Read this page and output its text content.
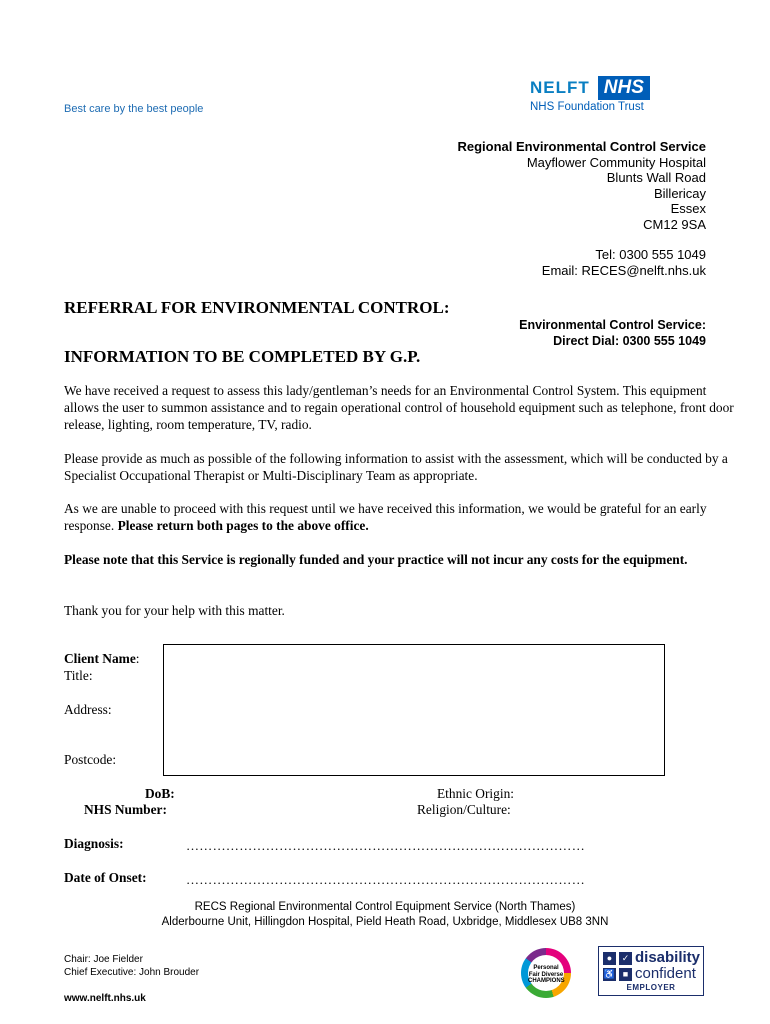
NELFT NHS
NHS Foundation Trust
Best care by the best people
Regional Environmental Control Service
Mayflower Community Hospital
Blunts Wall Road
Billericay
Essex
CM12 9SA
Tel: 0300 555 1049
Email: RECES@nelft.nhs.uk
REFERRAL FOR ENVIRONMENTAL CONTROL:
Environmental Control Service:
Direct Dial: 0300 555 1049
INFORMATION TO BE COMPLETED BY G.P.
We have received a request to assess this lady/gentleman’s needs for an Environmental Control System. This equipment allows the user to summon assistance and to regain operational control of household equipment such as telephone, front door release, lighting, room temperature, TV, radio.
Please provide as much as possible of the following information to assist with the assessment, which will be conducted by a Specialist Occupational Therapist or Multi-Disciplinary Team as appropriate.
As we are unable to proceed with this request until we have received this information, we would be grateful for an early response. Please return both pages to the above office.
Please note that this Service is regionally funded and your practice will not incur any costs for the equipment.
Thank you for your help with this matter.
Client Name:
Title:
Address:
Postcode:
DoB:
NHS Number:
Ethnic Origin:
Religion/Culture:
Diagnosis:	………………………………………………………………………………
Date of Onset:	………………………………………………………………………………
RECS Regional Environmental Control Equipment Service (North Thames)
Alderbourne Unit, Hillingdon Hospital, Pield Heath Road, Uxbridge, Middlesex UB8 3NN
Chair: Joe Fielder
Chief Executive: John Brouder
www.nelft.nhs.uk
Personal Fair Diverse CHAMPIONS
●	✓
♿ ■
disability
confident
EMPLOYER
